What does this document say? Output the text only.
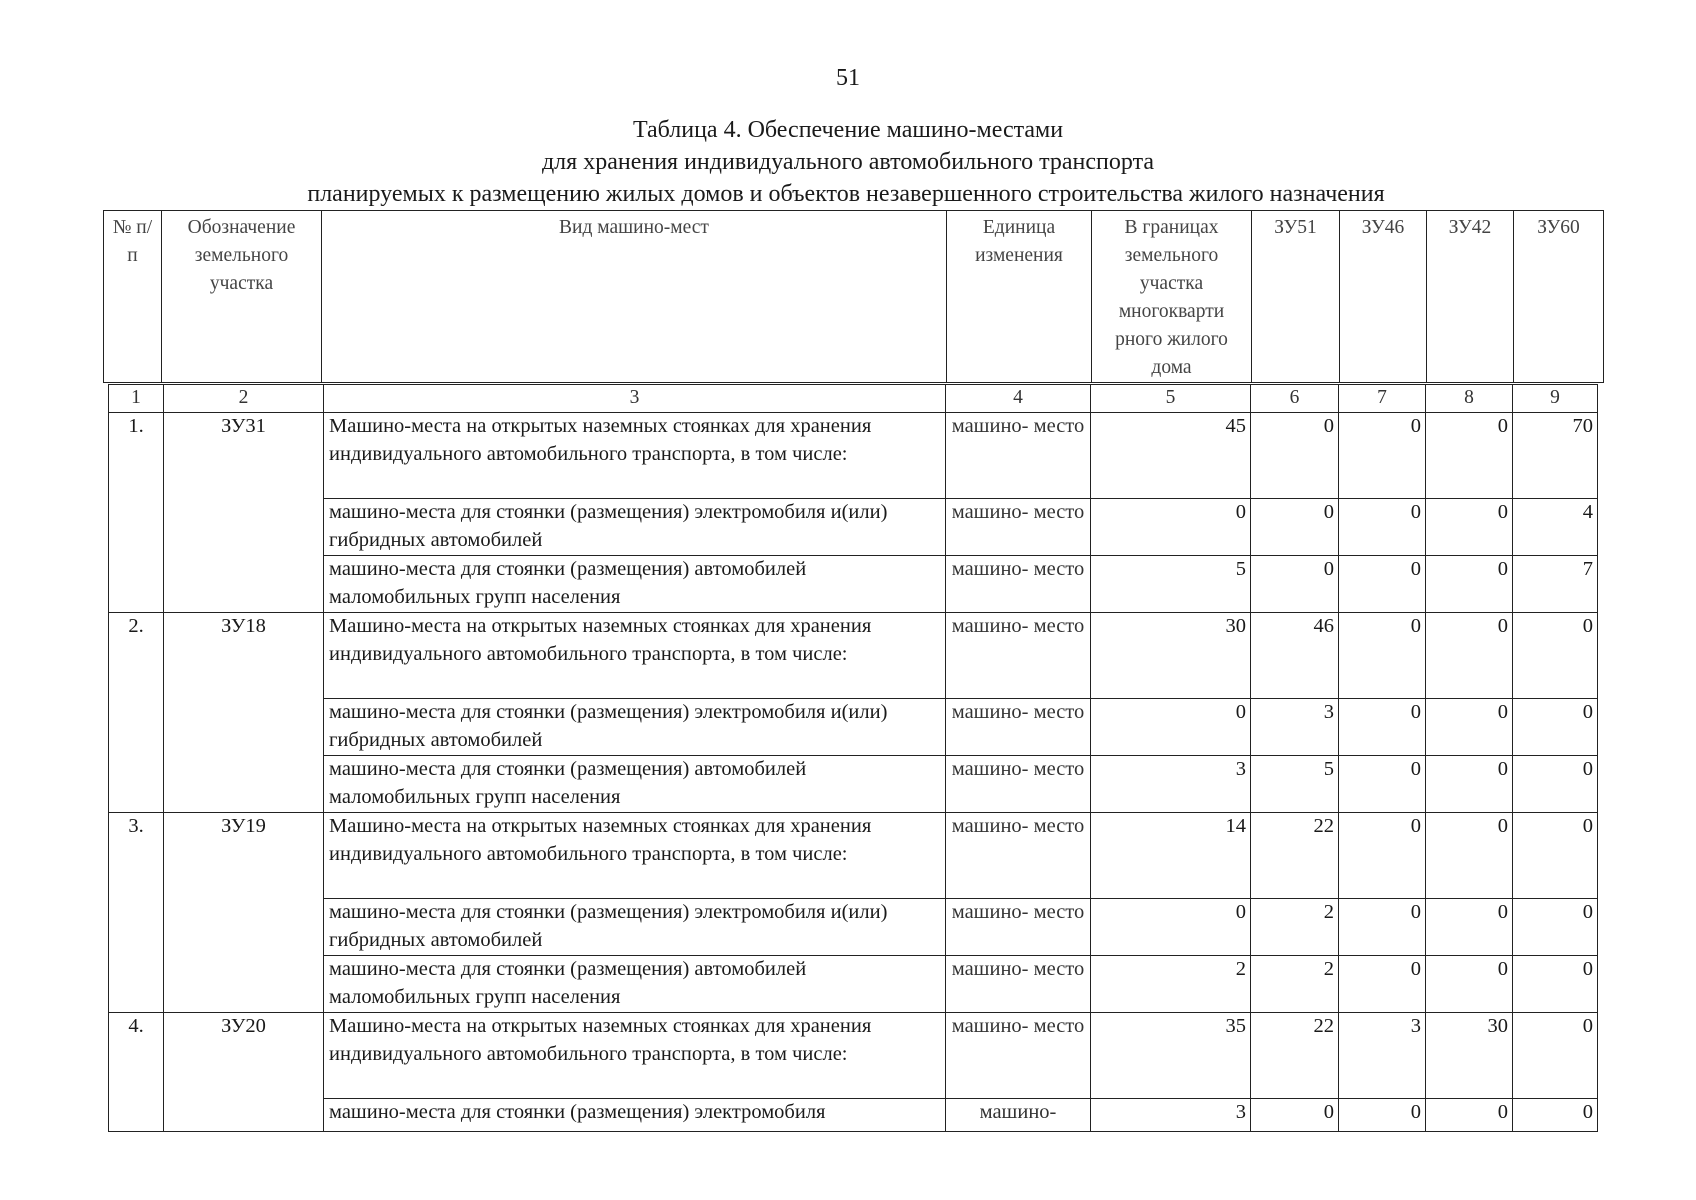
51
Таблица 4. Обеспечение машино-местами
для хранения индивидуального автомобильного транспорта
планируемых к размещению жилых домов и объектов незавершенного строительства жилого назначения
№ п/п	Обозначение земельного участка	Вид машино-мест	Единица изменения	В границах земельного участка многокварти рного жилого дома	ЗУ51	ЗУ46	ЗУ42	ЗУ60
1	2	3	4	5	6	7	8	9
1.	ЗУ31	Машино-места на открытых наземных стоянках для хранения индивидуального автомобильного транспорта, в том числе:	машино- место	45	0	0	0	70
		машино-места для стоянки (размещения) электромобиля и(или) гибридных автомобилей	машино- место	0	0	0	0	4
		машино-места для стоянки (размещения) автомобилей маломобильных групп населения	машино- место	5	0	0	0	7
2.	ЗУ18	Машино-места на открытых наземных стоянках для хранения индивидуального автомобильного транспорта, в том числе:	машино- место	30	46	0	0	0
		машино-места для стоянки (размещения) электромобиля и(или) гибридных автомобилей	машино- место	0	3	0	0	0
		машино-места для стоянки (размещения) автомобилей маломобильных групп населения	машино- место	3	5	0	0	0
3.	ЗУ19	Машино-места на открытых наземных стоянках для хранения индивидуального автомобильного транспорта, в том числе:	машино- место	14	22	0	0	0
		машино-места для стоянки (размещения) электромобиля и(или) гибридных автомобилей	машино- место	0	2	0	0	0
		машино-места для стоянки (размещения) автомобилей маломобильных групп населения	машино- место	2	2	0	0	0
4.	ЗУ20	Машино-места на открытых наземных стоянках для хранения индивидуального автомобильного транспорта, в том числе:	машино- место	35	22	3	30	0
		машино-места для стоянки (размещения) электромобиля	машино-	3	0	0	0	0
